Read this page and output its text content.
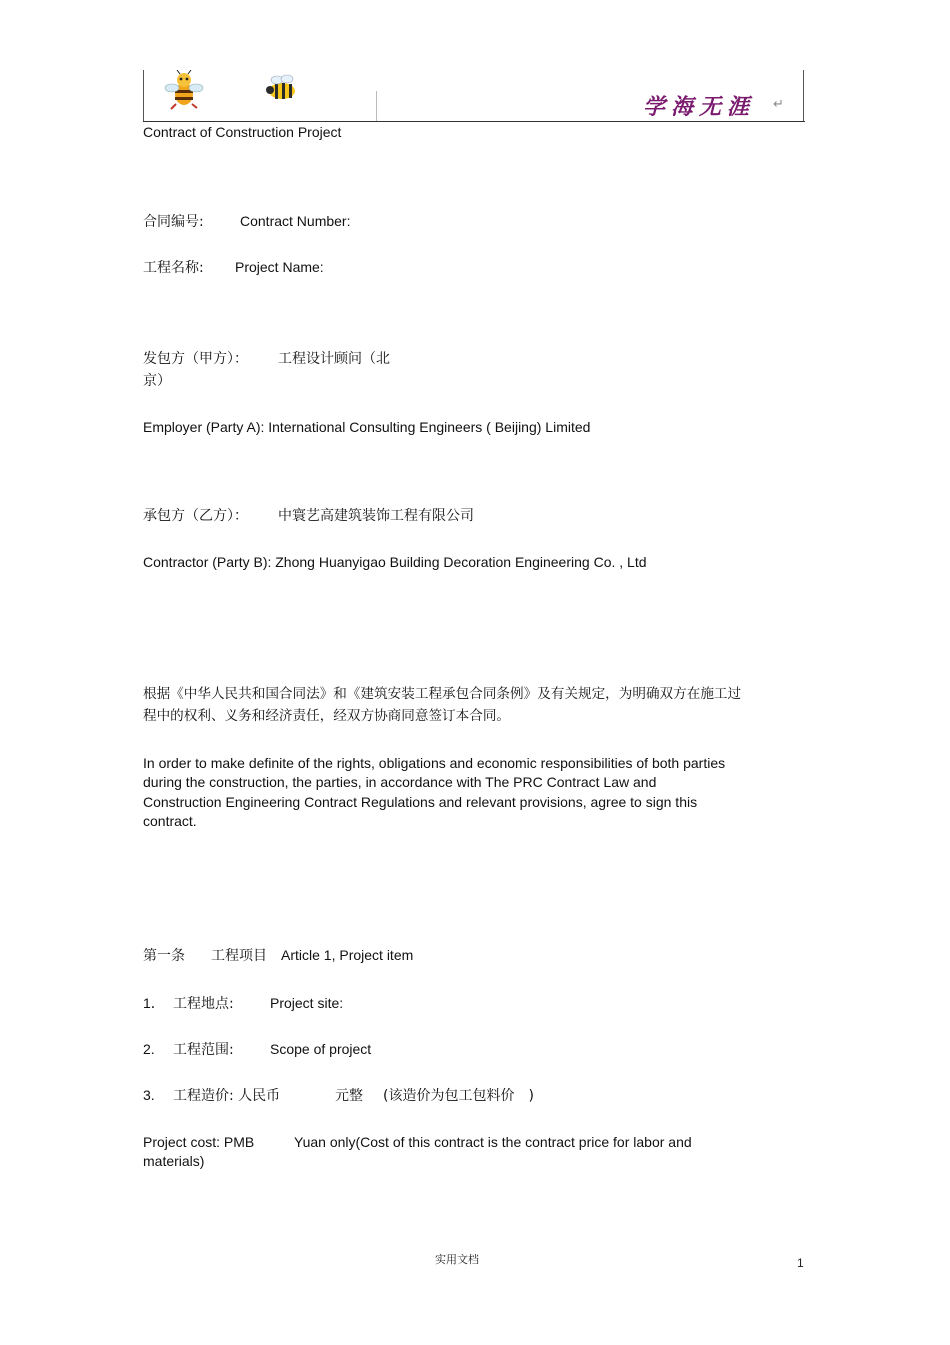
学海无涯 ↵
Contract of Construction Project
合同编号:	Contract Number:
工程名称: Project Name:
发包方（甲方）： 工程设计顾问（北
京）
Employer (Party A): International Consulting Engineers ( Beijing) Limited
承包方（乙方）： 中寰艺高建筑装饰工程有限公司
Contractor (Party B): Zhong Huanyigao Building Decoration Engineering Co. , Ltd
根据《中华人民共和国合同法》和《建筑安装工程承包合同条例》及有关规定，为明确双方在施工过程中的权利、义务和经济责任，经双方协商同意签订本合同。
In order to make definite of the rights, obligations and economic responsibilities of both parties during the construction, the parties, in accordance with The PRC Contract Law and Construction Engineering Contract Regulations and relevant provisions, agree to sign this contract.
第一条 工程项目 Article 1, Project item
1． 工程地点:	Project site:
2. 工程范围:	Scope of project
3. 工程造价: 人民币	元整 (该造价为包工包料价　)
Project cost: PMB	Yuan only(Cost of this contract is the contract price for labor and
materials)
实用文档	1
